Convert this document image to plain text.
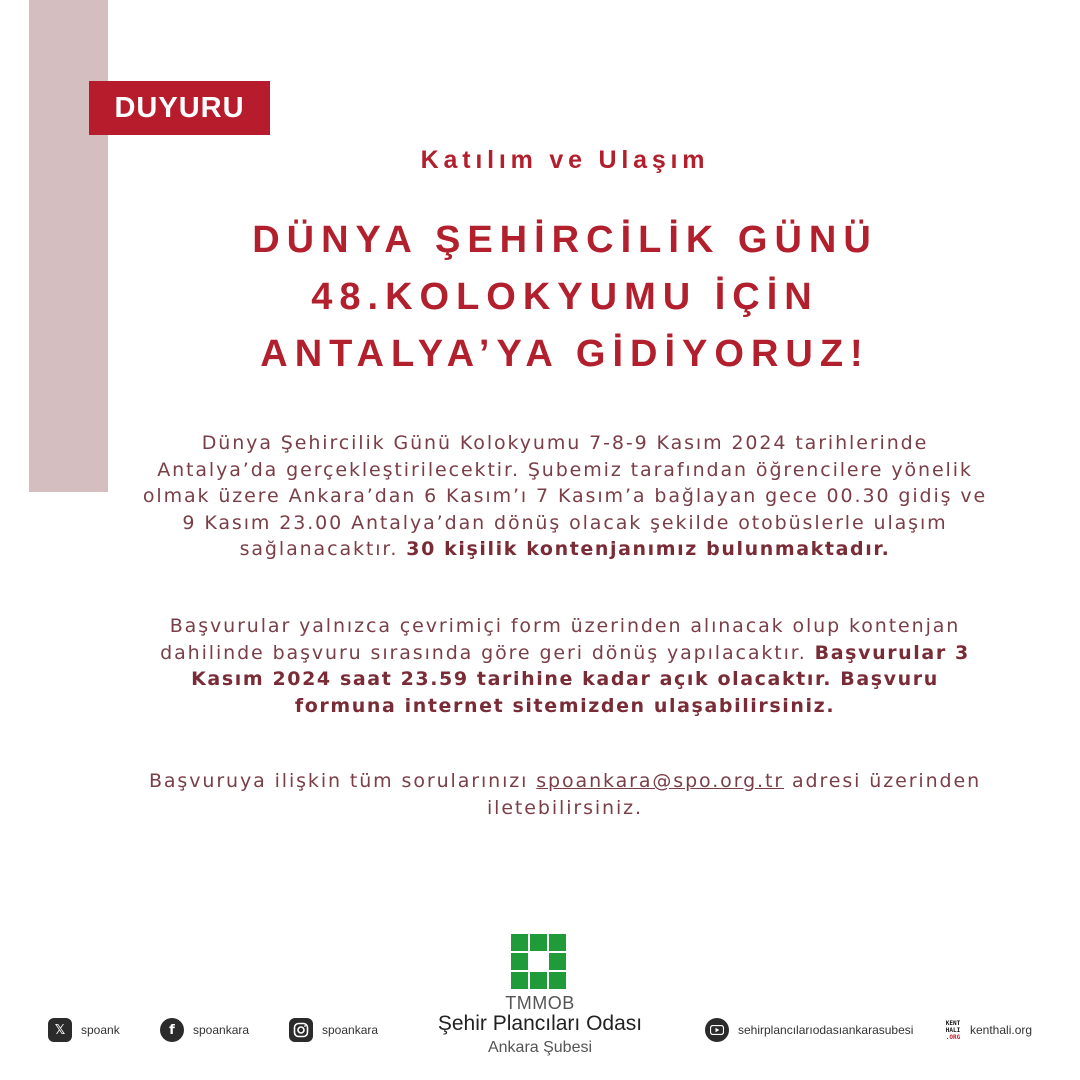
DUYURU
Katılım ve Ulaşım
DÜNYA ŞEHİRCİLİK GÜNÜ
48.KOLOKYUMU İÇİN
ANTALYA’YA GİDİYORUZ!

Dünya Şehircilik Günü Kolokyumu 7-8-9 Kasım 2024 tarihlerinde Antalya’da gerçekleştirilecektir. Şubemiz tarafından öğrencilere yönelik olmak üzere Ankara’dan 6 Kasım’ı 7 Kasım’a bağlayan gece 00.30 gidiş ve 9 Kasım 23.00 Antalya’dan dönüş olacak şekilde otobüslerle ulaşım sağlanacaktır. 30 kişilik kontenjanımız bulunmaktadır.

Başvurular yalnızca çevrimiçi form üzerinden alınacak olup kontenjan dahilinde başvuru sırasında göre geri dönüş yapılacaktır. Başvurular 3 Kasım 2024 saat 23.59 tarihine kadar açık olacaktır. Başvuru formuna internet sitemizden ulaşabilirsiniz.

Başvuruya ilişkin tüm sorularınızı spoankara@spo.org.tr adresi üzerinden iletebilirsiniz.

TMMOB
Şehir Plancıları Odası
Ankara Şubesi
𝕏	spoank	f	spoankara	spoankara	sehirplancılarıodasıankarasubesi	KENT
HALI
.ORG kenthali.org
